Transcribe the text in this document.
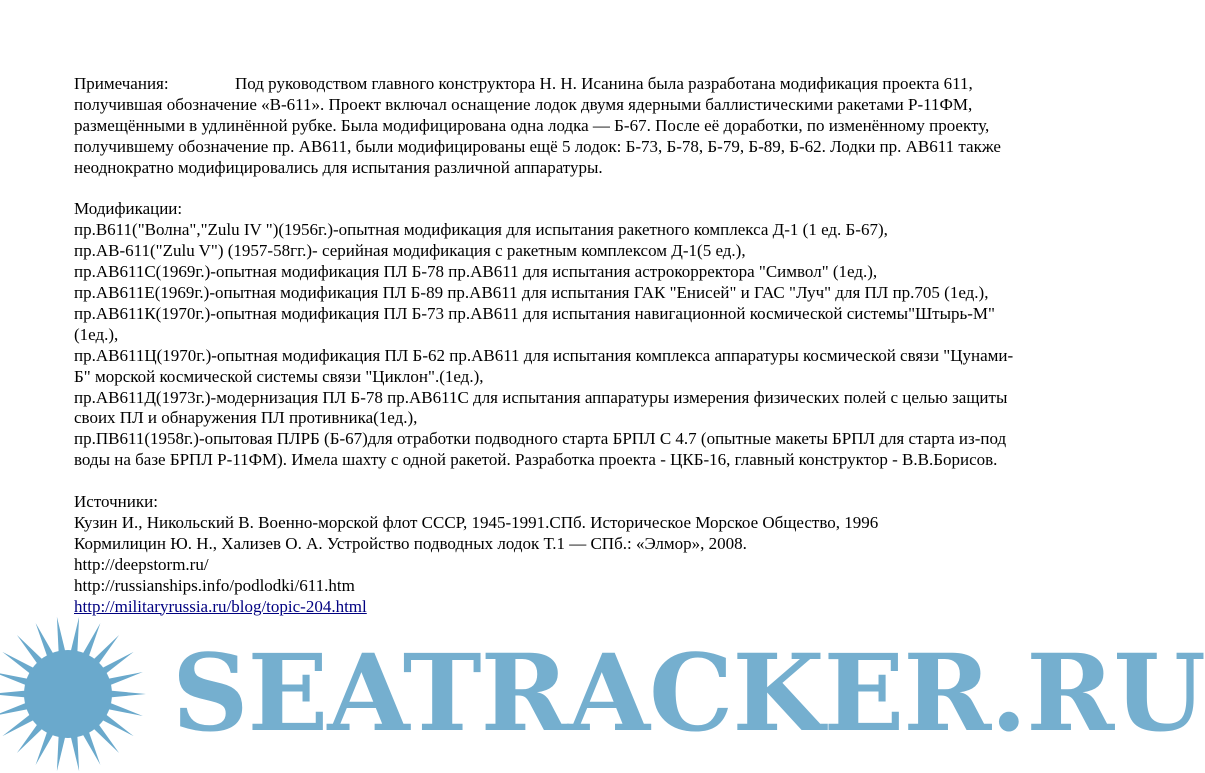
Примечания:	Под руководством главного конструктора Н. Н. Исанина была разработана модификация проекта 611, получившая обозначение «В-611». Проект включал оснащение лодок двумя ядерными баллистическими ракетами Р-11ФМ, размещёнными в удлинённой рубке. Была модифицирована одна лодка — Б-67. После её доработки, по изменённому проекту, получившему обозначение пр. АВ611, были модифицированы ещё 5 лодок: Б-73, Б-78, Б-79, Б-89, Б-62. Лодки пр. АВ611 также неоднократно модифицировались для испытания различной аппаратуры.

Модификации:
пр.В611("Волна","Zulu IV ")(1956г.)-опытная модификация для испытания ракетного комплекса Д-1 (1 ед. Б-67),
пр.АВ-611("Zulu V") (1957-58гг.)- серийная модификация с ракетным комплексом Д-1(5 ед.),
пр.АВ611С(1969г.)-опытная модификация ПЛ Б-78 пр.АВ611 для испытания астрокорректора "Символ" (1ед.),
пр.АВ611Е(1969г.)-опытная модификация ПЛ Б-89 пр.АВ611 для испытания ГАК "Енисей" и ГАС "Луч" для ПЛ пр.705 (1ед.),
пр.АВ611К(1970г.)-опытная модификация ПЛ Б-73 пр.АВ611 для испытания навигационной космической системы"Штырь-М"(1ед.),
пр.АВ611Ц(1970г.)-опытная модификация ПЛ Б-62 пр.АВ611 для испытания комплекса аппаратуры космической связи "Цунами-Б" морской космической системы связи "Циклон".(1ед.),
пр.АВ611Д(1973г.)-модернизация ПЛ Б-78 пр.АВ611С для испытания аппаратуры измерения физических полей с целью защиты своих ПЛ и обнаружения ПЛ противника(1ед.),
пр.ПВ611(1958г.)-опытовая ПЛРБ (Б-67)для отработки подводного старта БРПЛ С 4.7 (опытные макеты БРПЛ для старта из-под воды на базе БРПЛ Р-11ФМ). Имела шахту с одной ракетой. Разработка проекта - ЦКБ-16, главный конструктор - В.В.Борисов.
Источники:
Кузин И., Никольский В. Военно-морской флот СССР, 1945-1991.СПб. Историческое Морское Общество, 1996
Кормилицин Ю. Н., Хализев О. А. Устройство подводных лодок Т.1 — СПб.: «Элмор», 2008.
http://deepstorm.ru/
http://russianships.info/podlodki/611.htm
http://militaryrussia.ru/blog/topic-204.html
SEATRACKER.RU
